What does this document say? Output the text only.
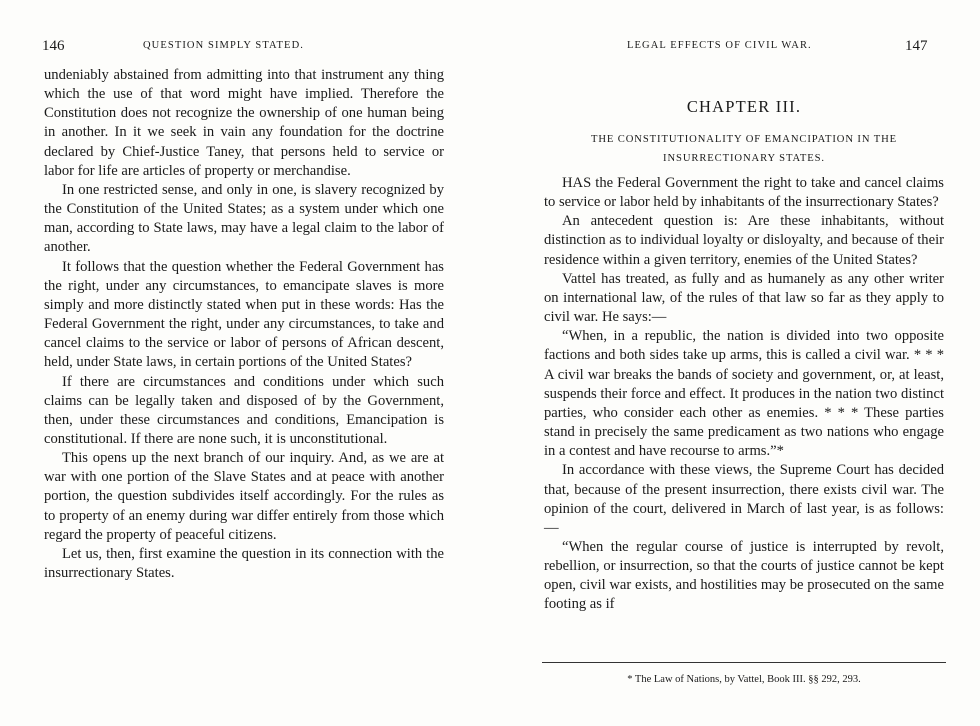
146	QUESTION SIMPLY STATED.

undeniably abstained from admitting into that instrument any thing which the use of that word might have implied. Therefore the Constitution does not recognize the ownership of one human being in another. In it we seek in vain any foundation for the doctrine declared by Chief-Justice Taney, that persons held to service or labor for life are articles of property or merchandise.

In one restricted sense, and only in one, is slavery recognized by the Constitution of the United States; as a system under which one man, according to State laws, may have a legal claim to the labor of another.

It follows that the question whether the Federal Government has the right, under any circumstances, to emancipate slaves is more simply and more distinctly stated when put in these words: Has the Federal Government the right, under any circumstances, to take and cancel claims to the service or labor of persons of African descent, held, under State laws, in certain portions of the United States?

If there are circumstances and conditions under which such claims can be legally taken and disposed of by the Government, then, under these circumstances and conditions, Emancipation is constitutional. If there are none such, it is unconstitutional.

This opens up the next branch of our inquiry. And, as we are at war with one portion of the Slave States and at peace with another portion, the question subdivides itself accordingly. For the rules as to property of an enemy during war differ entirely from those which regard the property of peaceful citizens.

Let us, then, first examine the question in its connection with the insurrectionary States.

LEGAL EFFECTS OF CIVIL WAR.	147
CHAPTER III.
THE CONSTITUTIONALITY OF EMANCIPATION IN THE
INSURRECTIONARY STATES.

HAS the Federal Government the right to take and cancel claims to service or labor held by inhabitants of the insurrectionary States?

An antecedent question is: Are these inhabitants, without distinction as to individual loyalty or disloyalty, and because of their residence within a given territory, enemies of the United States?

Vattel has treated, as fully and as humanely as any other writer on international law, of the rules of that law so far as they apply to civil war. He says:—

“When, in a republic, the nation is divided into two opposite factions and both sides take up arms, this is called a civil war. * * * A civil war breaks the bands of society and government, or, at least, suspends their force and effect. It produces in the nation two distinct parties, who consider each other as enemies. * * * These parties stand in precisely the same predicament as two nations who engage in a contest and have recourse to arms.”*

In accordance with these views, the Supreme Court has decided that, because of the present insurrection, there exists civil war. The opinion of the court, delivered in March of last year, is as follows:—

“When the regular course of justice is interrupted by revolt, rebellion, or insurrection, so that the courts of justice cannot be kept open, civil war exists, and hostilities may be prosecuted on the same footing as if

* The Law of Nations, by Vattel, Book III. §§ 292, 293.
